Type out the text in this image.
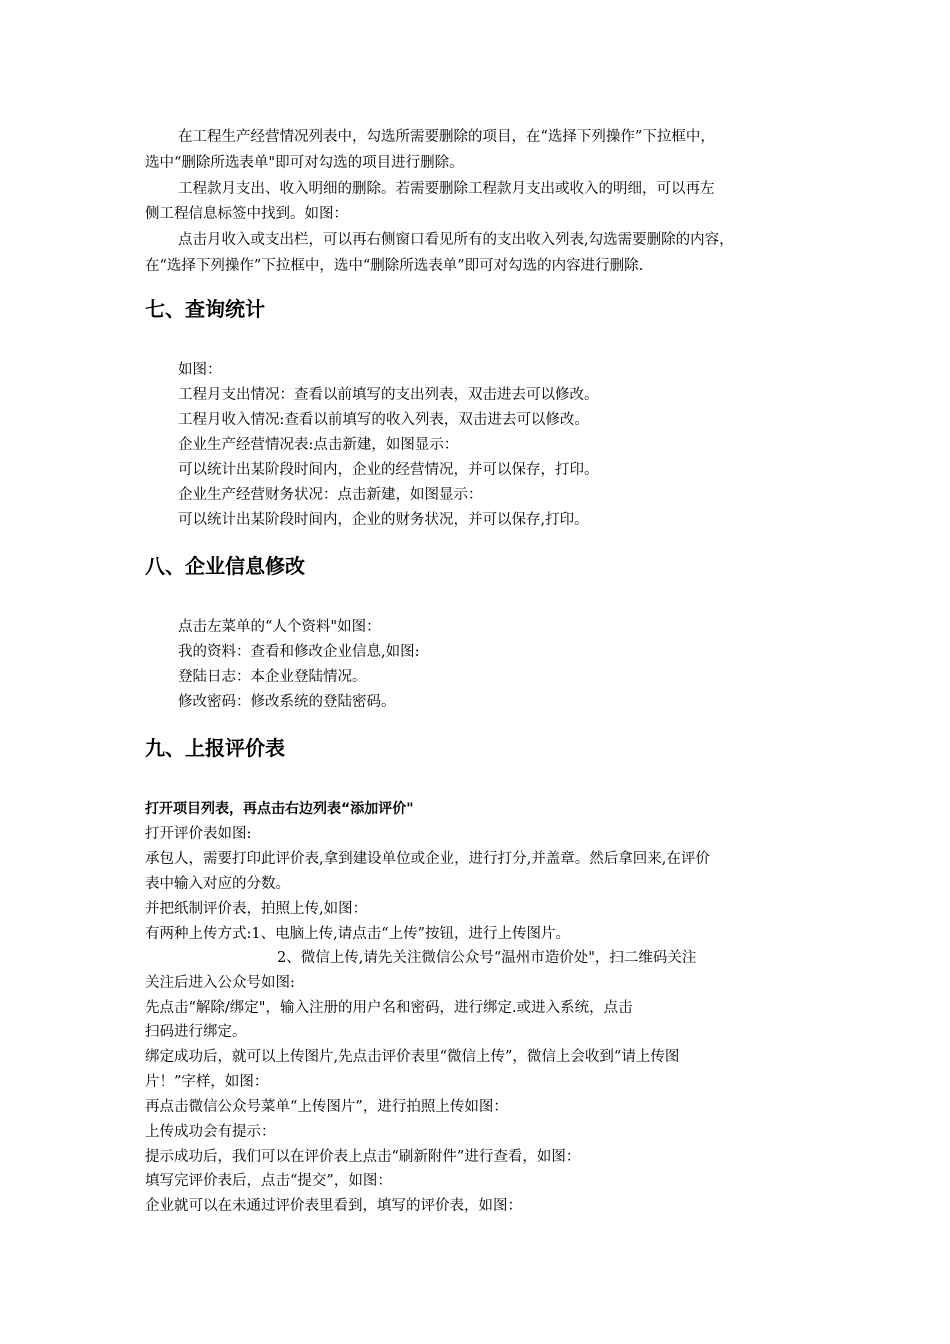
在工程生产经营情况列表中，勾选所需要删除的项目，在“选择下列操作”下拉框中，

选中“删除所选表单"即可对勾选的项目进行删除。

工程款月支出、收入明细的删除。若需要删除工程款月支出或收入的明细，可以再左

侧工程信息标签中找到。如图：

点击月收入或支出栏，可以再右侧窗口看见所有的支出收入列表,勾选需要删除的内容，

在“选择下列操作”下拉框中，选中“删除所选表单”即可对勾选的内容进行删除.

七、查询统计

如图：

工程月支出情况：查看以前填写的支出列表，双击进去可以修改。

工程月收入情况:查看以前填写的收入列表，双击进去可以修改。

企业生产经营情况表:点击新建，如图显示：

可以统计出某阶段时间内，企业的经营情况，并可以保存，打印。

企业生产经营财务状况：点击新建，如图显示：

可以统计出某阶段时间内，企业的财务状况，并可以保存,打印。

八、企业信息修改

点击左菜单的“人个资料"如图：

我的资料：查看和修改企业信息,如图:

登陆日志：本企业登陆情况。

修改密码：修改系统的登陆密码。

九、上报评价表

打开项目列表，再点击右边列表“添加评价"

打开评价表如图:

承包人，需要打印此评价表,拿到建设单位或企业，进行打分,并盖章。然后拿回来,在评价

表中输入对应的分数。

并把纸制评价表，拍照上传,如图：

有两种上传方式:1、电脑上传,请点击“上传”按钮，进行上传图片。

2、微信上传,请先关注微信公众号“温州市造价处"，扫二维码关注

关注后进入公众号如图:

先点击“解除/绑定"，输入注册的用户名和密码，进行绑定.或进入系统，点击

扫码进行绑定。

绑定成功后，就可以上传图片,先点击评价表里“微信上传”，微信上会收到“请上传图

片！”字样，如图：

再点击微信公众号菜单“上传图片”，进行拍照上传如图：

上传成功会有提示：

提示成功后，我们可以在评价表上点击“刷新附件”进行查看，如图：

填写完评价表后，点击“提交”，如图：

企业就可以在未通过评价表里看到，填写的评价表，如图：
